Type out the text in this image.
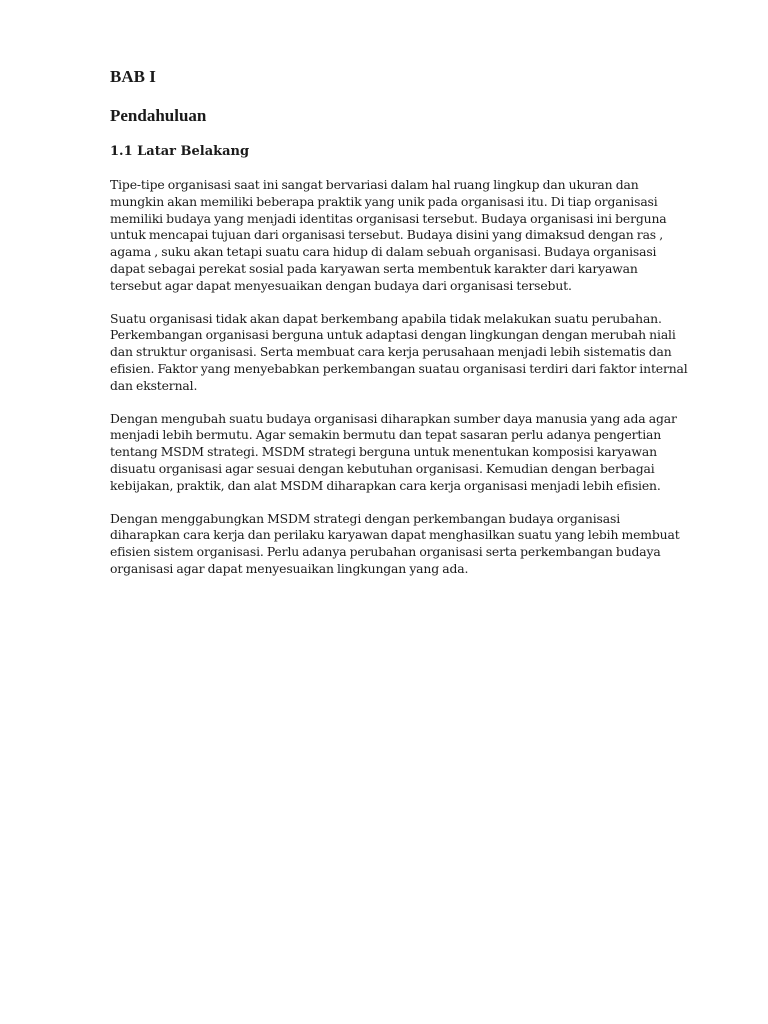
BAB I
Pendahuluan
1.1 Latar Belakang

Tipe-tipe organisasi saat ini sangat bervariasi dalam hal ruang lingkup dan ukuran dan mungkin akan memiliki beberapa praktik yang unik pada organisasi itu. Di tiap organisasi memiliki budaya yang menjadi identitas organisasi tersebut. Budaya organisasi ini berguna untuk mencapai tujuan dari organisasi tersebut. Budaya disini yang dimaksud dengan ras , agama , suku akan tetapi suatu cara hidup di dalam sebuah organisasi. Budaya organisasi dapat sebagai perekat sosial pada karyawan serta membentuk karakter dari karyawan tersebut agar dapat menyesuaikan dengan budaya dari organisasi tersebut.

Suatu organisasi tidak akan dapat berkembang apabila tidak melakukan suatu perubahan. Perkembangan organisasi berguna untuk adaptasi dengan lingkungan dengan merubah niali dan struktur organisasi. Serta membuat cara kerja perusahaan menjadi lebih sistematis dan efisien. Faktor yang menyebabkan perkembangan suatau organisasi terdiri dari faktor internal dan eksternal.

Dengan mengubah suatu budaya organisasi diharapkan sumber daya manusia yang ada agar menjadi lebih bermutu. Agar semakin bermutu dan tepat sasaran perlu adanya pengertian tentang MSDM strategi. MSDM strategi berguna untuk menentukan komposisi karyawan disuatu organisasi agar sesuai dengan kebutuhan organisasi. Kemudian dengan berbagai kebijakan, praktik, dan alat MSDM diharapkan cara kerja organisasi menjadi lebih efisien.

Dengan menggabungkan MSDM strategi dengan perkembangan budaya organisasi diharapkan cara kerja dan perilaku karyawan dapat menghasilkan suatu yang lebih membuat efisien sistem organisasi. Perlu adanya perubahan organisasi serta perkembangan budaya organisasi agar dapat menyesuaikan lingkungan yang ada.
